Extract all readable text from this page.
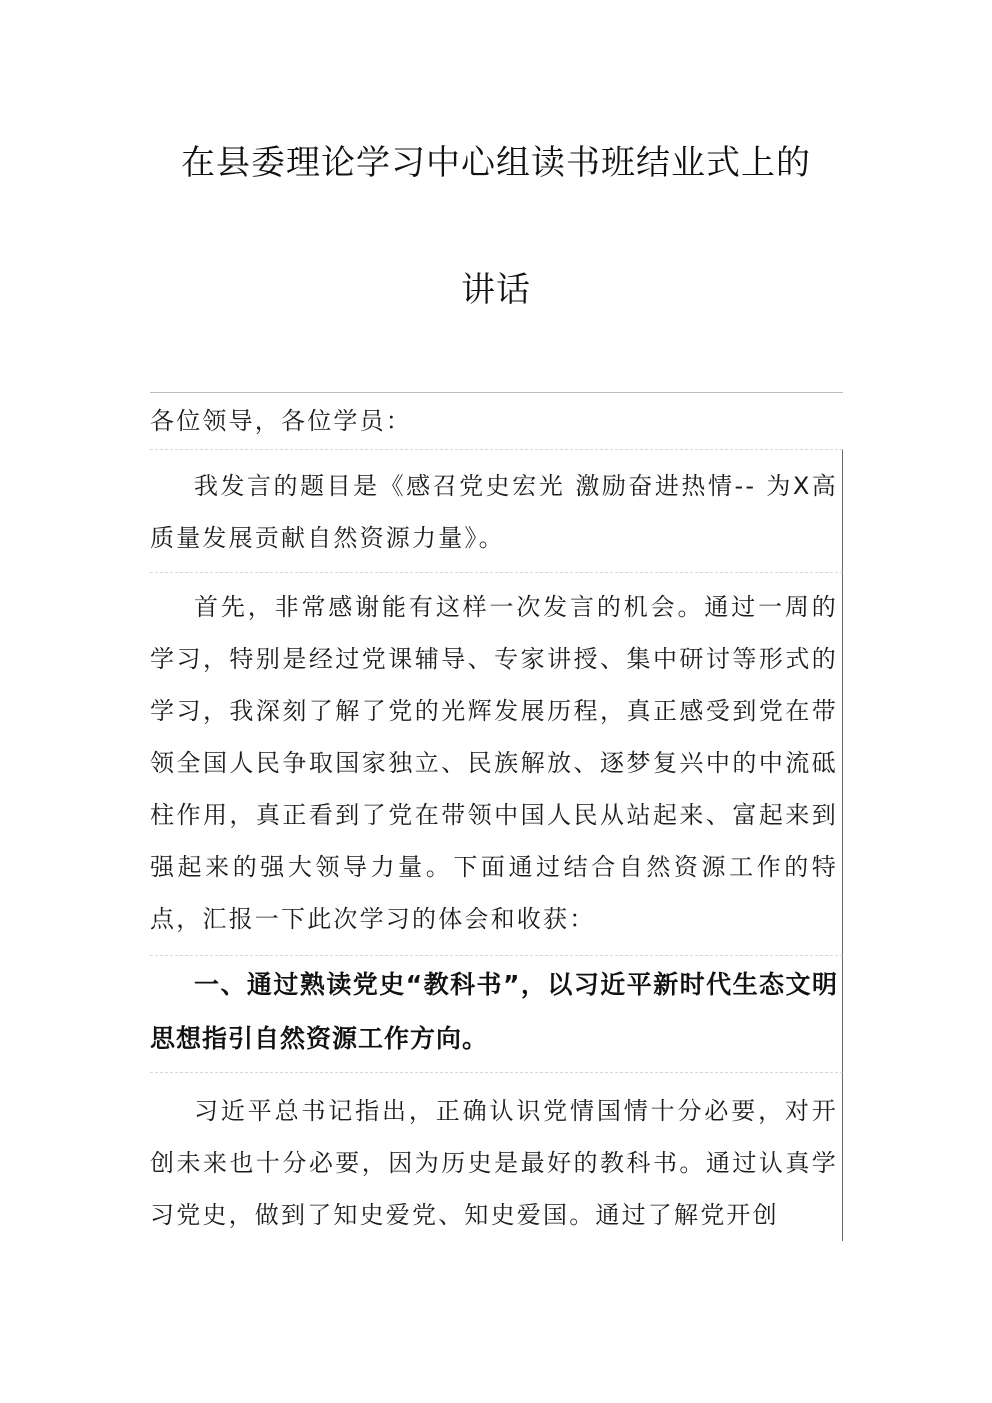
在县委理论学习中心组读书班结业式上的
讲话
各位领导，各位学员：
我发言的题目是《感召党史宏光 激励奋进热情-- 为X高质量发展贡献自然资源力量》。
首先，非常感谢能有这样一次发言的机会。通过一周的学习，特别是经过党课辅导、专家讲授、集中研讨等形式的学习，我深刻了解了党的光辉发展历程，真正感受到党在带领全国人民争取国家独立、民族解放、逐梦复兴中的中流砥柱作用，真正看到了党在带领中国人民从站起来、富起来到强起来的强大领导力量。下面通过结合自然资源工作的特点，汇报一下此次学习的体会和收获：
一、通过熟读党史“教科书”，以习近平新时代生态文明思想指引自然资源工作方向。
习近平总书记指出，正确认识党情国情十分必要，对开创未来也十分必要，因为历史是最好的教科书。通过认真学习党史，做到了知史爱党、知史爱国。通过了解党开创
